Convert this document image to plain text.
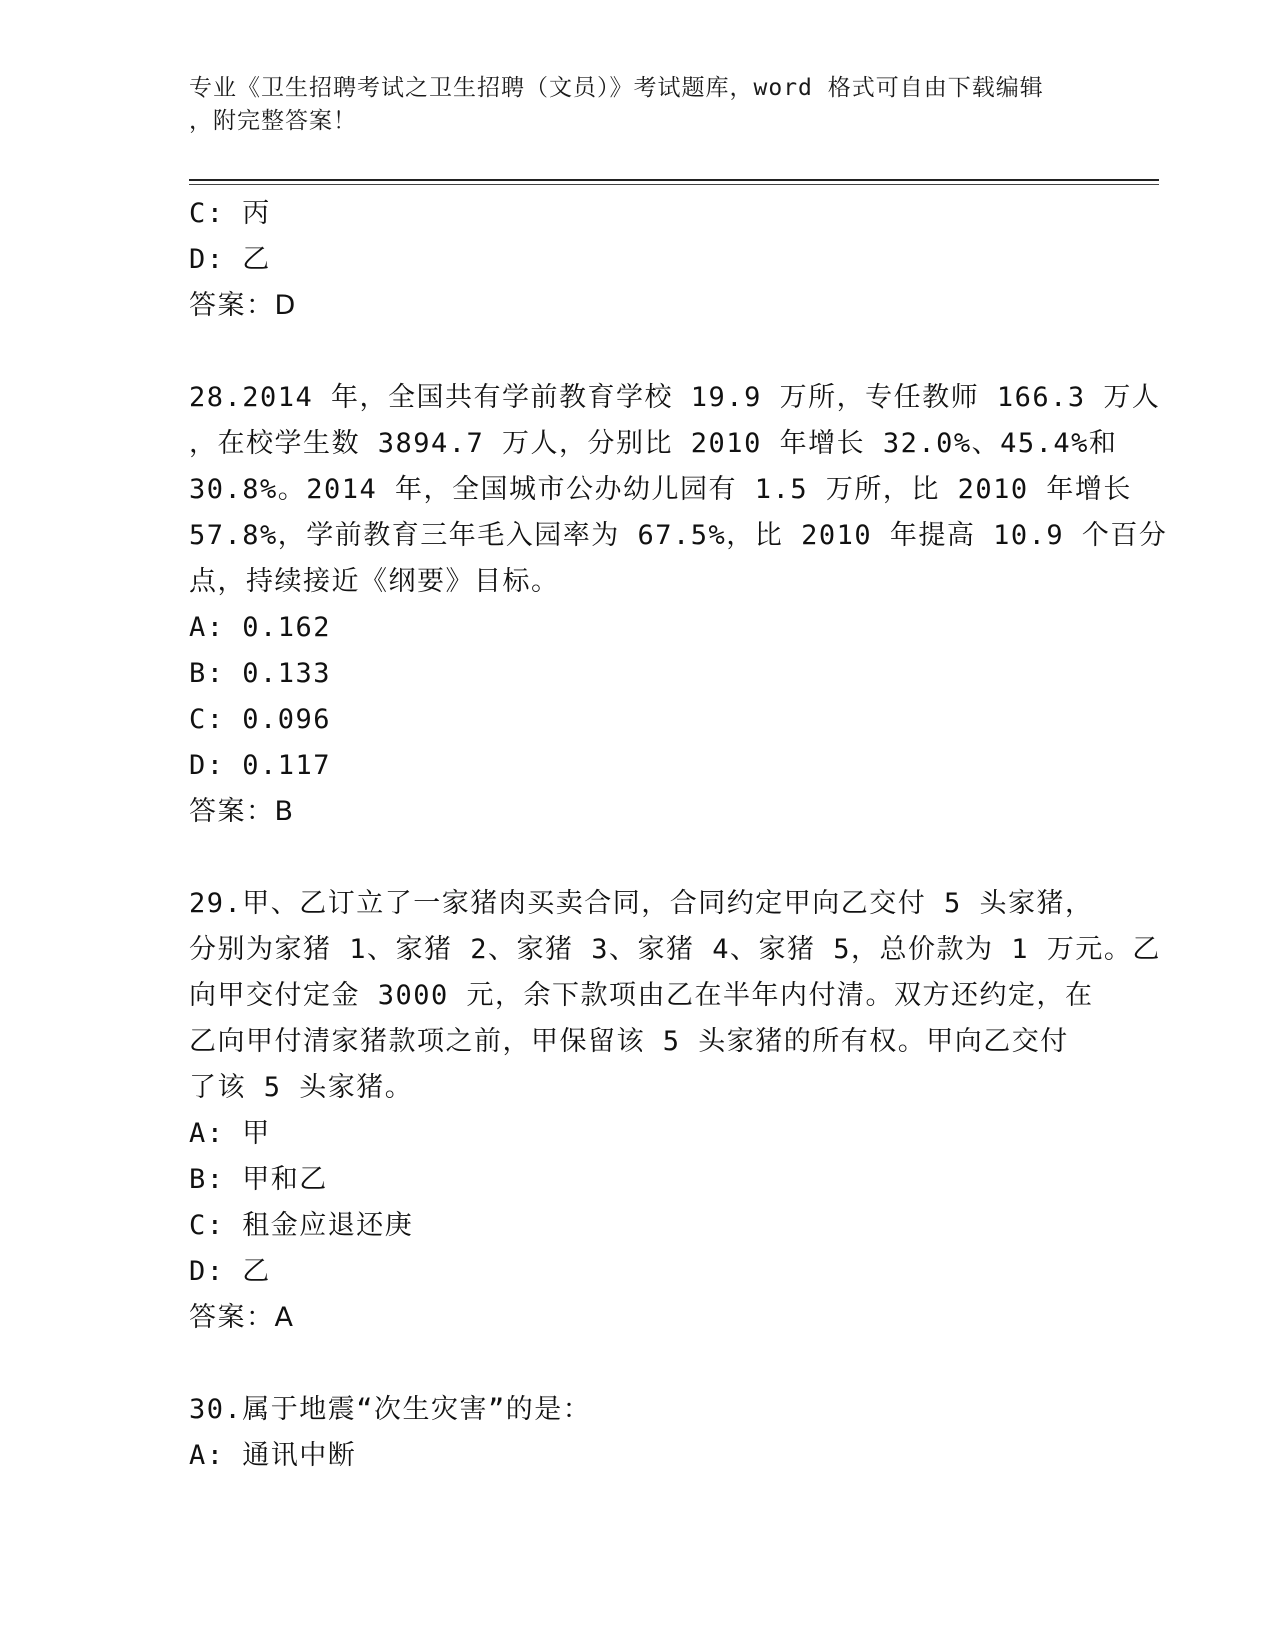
专业《卫生招聘考试之卫生招聘（文员）》考试题库，word 格式可自由下载编辑
，附完整答案！
C: 丙
D: 乙
答案：D
28.2014 年，全国共有学前教育学校 19.9 万所，专任教师 166.3 万人
，在校学生数 3894.7 万人，分别比 2010 年增长 32.0%、45.4%和
30.8%。2014 年，全国城市公办幼儿园有 1.5 万所，比 2010 年增长
57.8%，学前教育三年毛入园率为 67.5%，比 2010 年提高 10.9 个百分
点，持续接近《纲要》目标。
A: 0.162
B: 0.133
C: 0.096
D: 0.117
答案：B
29.甲、乙订立了一家猪肉买卖合同，合同约定甲向乙交付 5 头家猪，
分别为家猪 1、家猪 2、家猪 3、家猪 4、家猪 5，总价款为 1 万元。乙
向甲交付定金 3000 元，余下款项由乙在半年内付清。双方还约定，在
乙向甲付清家猪款项之前，甲保留该 5 头家猪的所有权。甲向乙交付
了该 5 头家猪。
A: 甲
B: 甲和乙
C: 租金应退还庚
D: 乙
答案：A
30.属于地震“次生灾害”的是：
A: 通讯中断
